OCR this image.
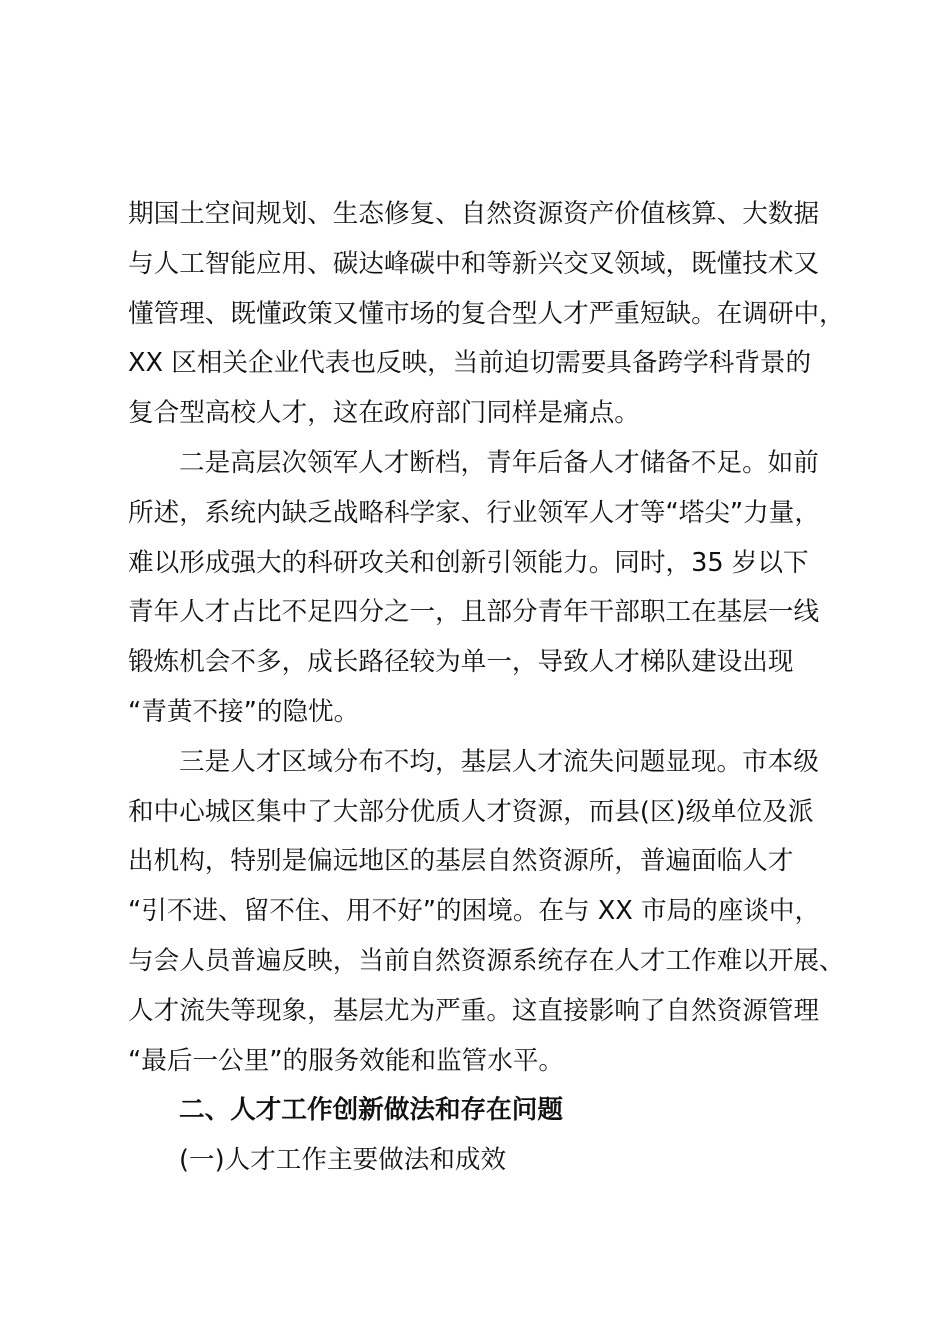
期国土空间规划、生态修复、自然资源资产价值核算、大数据
与人工智能应用、碳达峰碳中和等新兴交叉领域，既懂技术又
懂管理、既懂政策又懂市场的复合型人才严重短缺。在调研中，
XX 区相关企业代表也反映，当前迫切需要具备跨学科背景的
复合型高校人才，这在政府部门同样是痛点。
二是高层次领军人才断档，青年后备人才储备不足。如前
所述，系统内缺乏战略科学家、行业领军人才等“塔尖”力量，
难以形成强大的科研攻关和创新引领能力。同时，35 岁以下
青年人才占比不足四分之一，且部分青年干部职工在基层一线
锻炼机会不多，成长路径较为单一，导致人才梯队建设出现
“青黄不接”的隐忧。
三是人才区域分布不均，基层人才流失问题显现。市本级
和中心城区集中了大部分优质人才资源，而县(区)级单位及派
出机构，特别是偏远地区的基层自然资源所，普遍面临人才
“引不进、留不住、用不好”的困境。在与 XX 市局的座谈中，
与会人员普遍反映，当前自然资源系统存在人才工作难以开展、
人才流失等现象，基层尤为严重。这直接影响了自然资源管理
“最后一公里”的服务效能和监管水平。
二、人才工作创新做法和存在问题
(一)人才工作主要做法和成效
